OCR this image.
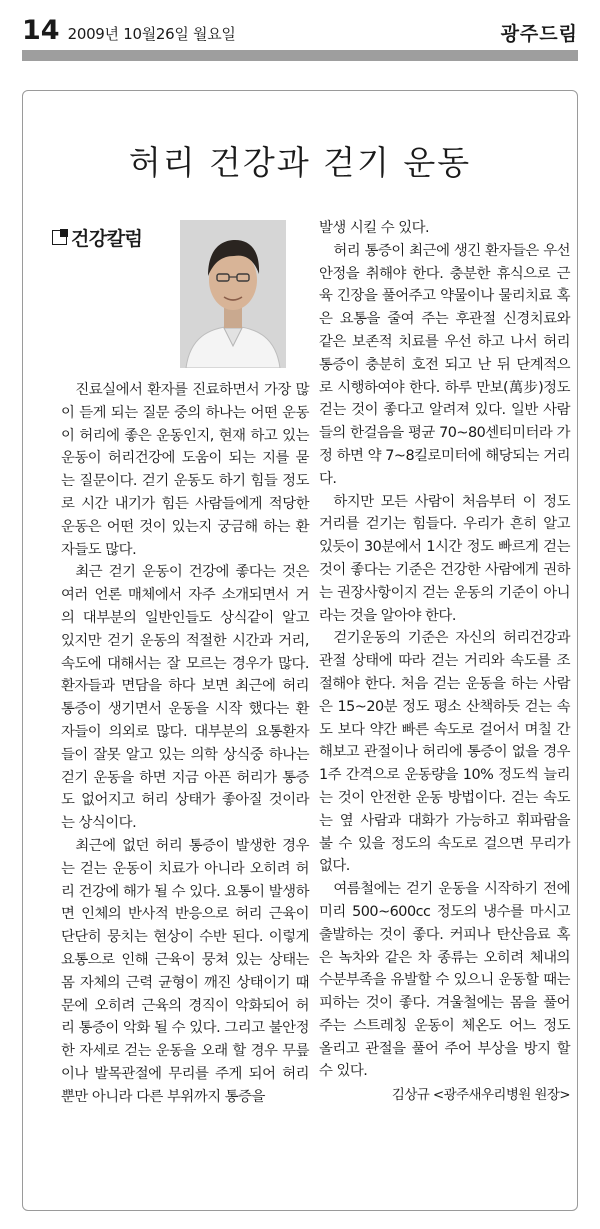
14 2009년 10월26일 월요일	광주드림
허리 건강과 걷기 운동
건강칼럼

진료실에서 환자를 진료하면서 가장 많이 듣게 되는 질문 중의 하나는 어떤 운동이 허리에 좋은 운동인지, 현재 하고 있는 운동이 허리건강에 도움이 되는 지를 묻는 질문이다. 걷기 운동도 하기 힘들 정도로 시간 내기가 힘든 사람들에게 적당한 운동은 어떤 것이 있는지 궁금해 하는 환자들도 많다.

최근 걷기 운동이 건강에 좋다는 것은 여러 언론 매체에서 자주 소개되면서 거의 대부분의 일반인들도 상식같이 알고 있지만 걷기 운동의 적절한 시간과 거리, 속도에 대해서는 잘 모르는 경우가 많다. 환자들과 면담을 하다 보면 최근에 허리 통증이 생기면서 운동을 시작 했다는 환자들이 의외로 많다. 대부분의 요통환자들이 잘못 알고 있는 의학 상식중 하나는 걷기 운동을 하면 지금 아픈 허리가 통증도 없어지고 허리 상태가 좋아질 것이라는 상식이다.

최근에 없던 허리 통증이 발생한 경우는 걷는 운동이 치료가 아니라 오히려 허리 건강에 해가 될 수 있다. 요통이 발생하면 인체의 반사적 반응으로 허리 근육이 단단히 뭉치는 현상이 수반 된다. 이렇게 요통으로 인해 근육이 뭉쳐 있는 상태는 몸 자체의 근력 균형이 깨진 상태이기 때문에 오히려 근육의 경직이 악화되어 허리 통증이 악화 될 수 있다. 그리고 불안정한 자세로 걷는 운동을 오래 할 경우 무릎이나 발목관절에 무리를 주게 되어 허리뿐만 아니라 다른 부위까지 통증을

발생 시킬 수 있다.

허리 통증이 최근에 생긴 환자들은 우선 안정을 취해야 한다. 충분한 휴식으로 근육 긴장을 풀어주고 약물이나 물리치료 혹은 요통을 줄여 주는 후관절 신경치료와 같은 보존적 치료를 우선 하고 나서 허리 통증이 충분히 호전 되고 난 뒤 단계적으로 시행하여야 한다. 하루 만보(萬步)정도 걷는 것이 좋다고 알려져 있다. 일반 사람들의 한걸음을 평균 70~80센티미터라 가정 하면 약 7~8킬로미터에 해당되는 거리다.

하지만 모든 사람이 처음부터 이 정도 거리를 걷기는 힘들다. 우리가 흔히 알고 있듯이 30분에서 1시간 정도 빠르게 걷는 것이 좋다는 기준은 건강한 사람에게 권하는 권장사항이지 걷는 운동의 기준이 아니라는 것을 알아야 한다.

걷기운동의 기준은 자신의 허리건강과 관절 상태에 따라 걷는 거리와 속도를 조절해야 한다. 처음 걷는 운동을 하는 사람은 15~20분 정도 평소 산책하듯 걷는 속도 보다 약간 빠른 속도로 걸어서 며칠 간 해보고 관절이나 허리에 통증이 없을 경우 1주 간격으로 운동량을 10% 정도씩 늘리는 것이 안전한 운동 방법이다. 걷는 속도는 옆 사람과 대화가 가능하고 휘파람을 불 수 있을 정도의 속도로 걸으면 무리가 없다.

여름철에는 걷기 운동을 시작하기 전에 미리 500~600cc 정도의 냉수를 마시고 출발하는 것이 좋다. 커피나 탄산음료 혹은 녹차와 같은 차 종류는 오히려 체내의 수분부족을 유발할 수 있으니 운동할 때는 피하는 것이 좋다. 겨울철에는 몸을 풀어주는 스트레칭 운동이 체온도 어느 정도 올리고 관절을 풀어 주어 부상을 방지 할 수 있다.

김상규 <광주새우리병원 원장>
